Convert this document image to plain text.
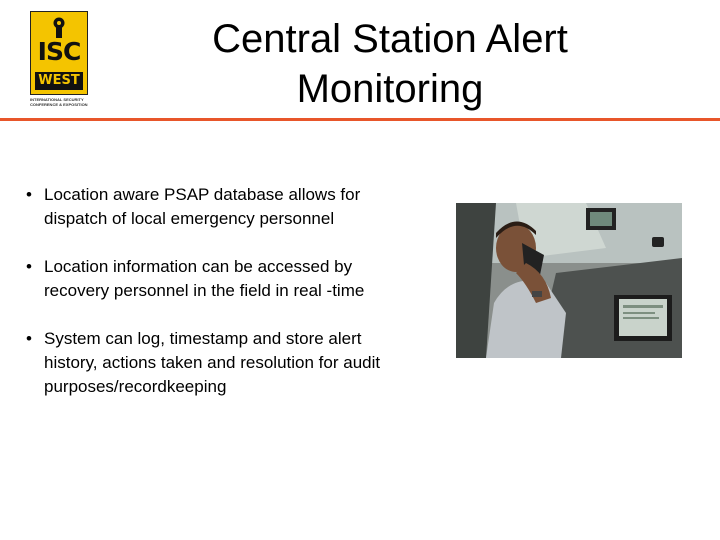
ISC
WEST
INTERNATIONAL SECURITY CONFERENCE & EXPOSITION
Central Station Alert Monitoring
• Location aware PSAP database allows for dispatch of local emergency personnel
• Location information can be accessed by recovery personnel in the field in real -time
• System can log, timestamp and store alert history, actions taken and resolution for audit purposes/recordkeeping
